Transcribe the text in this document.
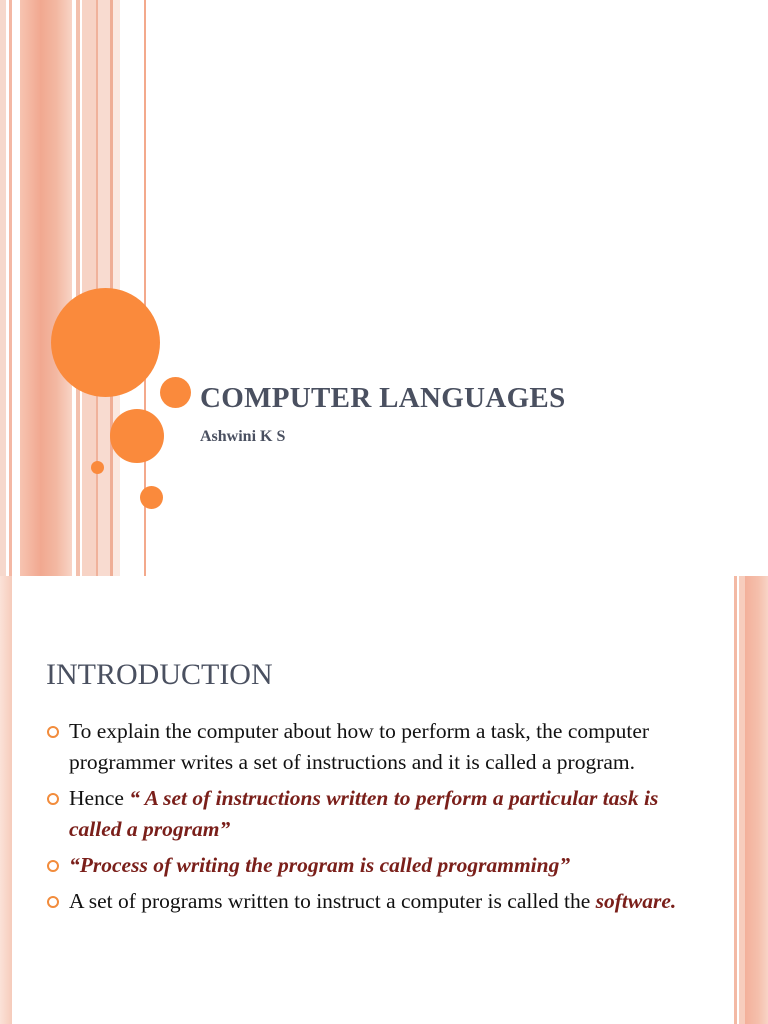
COMPUTER LANGUAGES
Ashwini K S
INTRODUCTION
To explain the computer about how to perform a task, the computer programmer writes a set of instructions and it is called a program.
Hence “ A set of instructions written to perform a particular task is called a program”
“Process of writing the program is called programming”
A set of programs written to instruct a computer is called the software.
